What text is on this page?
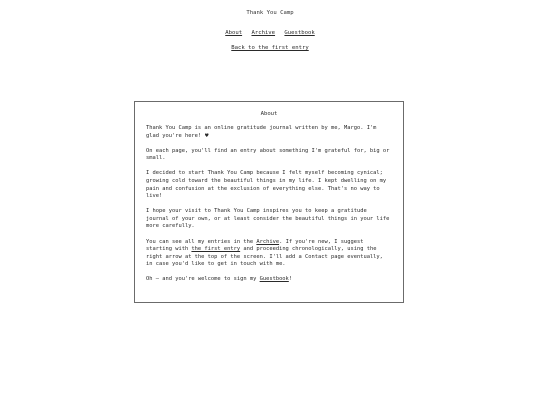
Thank You Camp
About Archive Guestbook
Back to the first entry
About

Thank You Camp is an online gratitude journal written by me, Margo. I'm glad you're here! ♥

On each page, you'll find an entry about something I'm grateful for, big or small.

I decided to start Thank You Camp because I felt myself becoming cynical; growing cold toward the beautiful things in my life. I kept dwelling on my pain and confusion at the exclusion of everything else. That's no way to live!

I hope your visit to Thank You Camp inspires you to keep a gratitude journal of your own, or at least consider the beautiful things in your life more carefully.

You can see all my entries in the Archive. If you're new, I suggest starting with the first entry and proceeding chronologically, using the right arrow at the top of the screen. I'll add a Contact page eventually, in case you'd like to get in touch with me.

Oh — and you're welcome to sign my Guestbook!
